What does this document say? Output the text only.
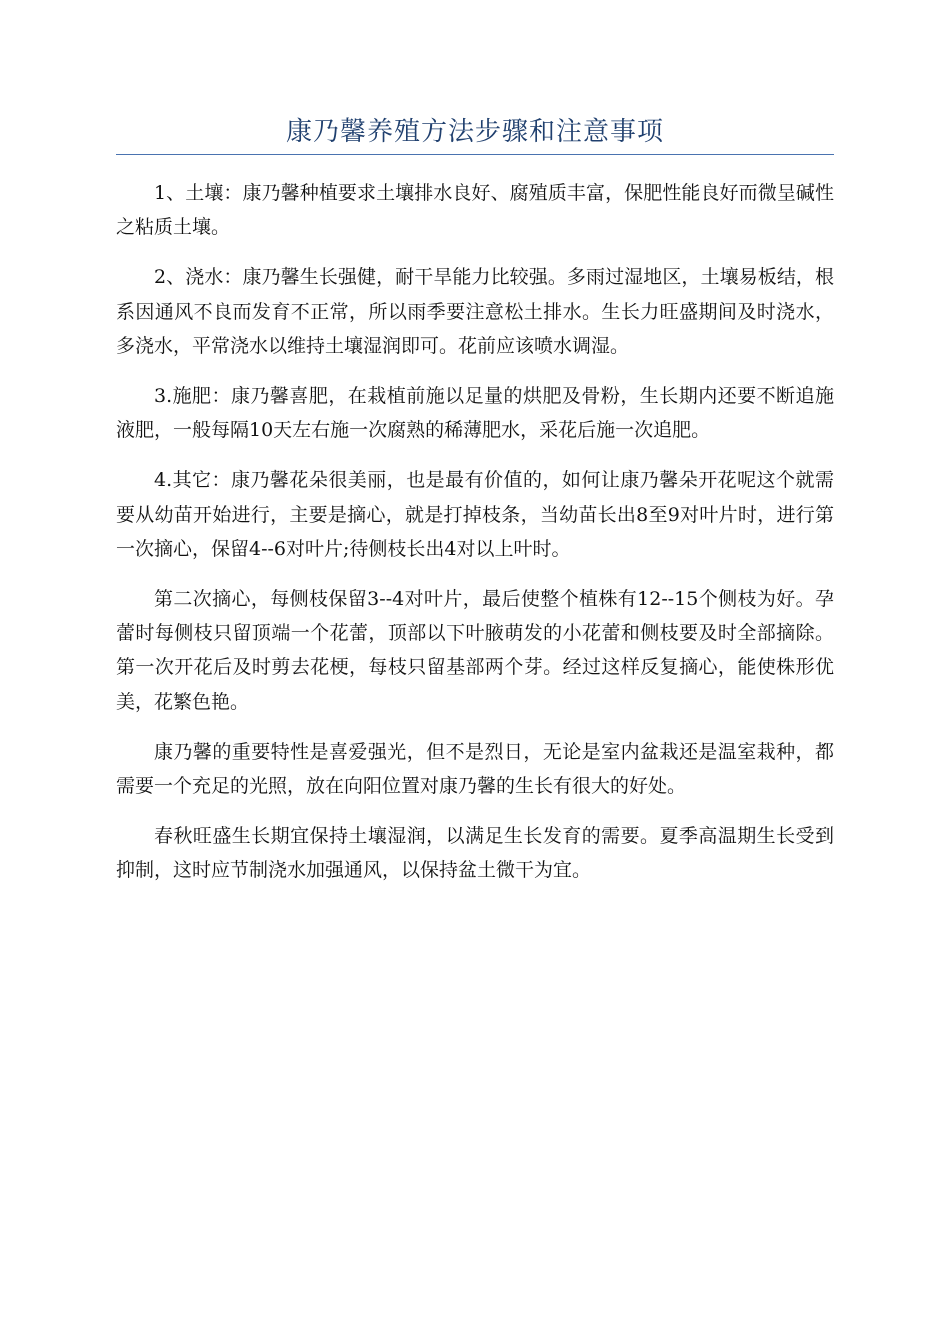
康乃馨养殖方法步骤和注意事项

1、土壤：康乃馨种植要求土壤排水良好、腐殖质丰富，保肥性能良好而微呈碱性之粘质土壤。

2、浇水：康乃馨生长强健，耐干旱能力比较强。多雨过湿地区，土壤易板结，根系因通风不良而发育不正常，所以雨季要注意松土排水。生长力旺盛期间及时浇水，多浇水，平常浇水以维持土壤湿润即可。花前应该喷水调湿。

3.施肥：康乃馨喜肥，在栽植前施以足量的烘肥及骨粉，生长期内还要不断追施液肥，一般每隔10天左右施一次腐熟的稀薄肥水，采花后施一次追肥。

4.其它：康乃馨花朵很美丽，也是最有价值的，如何让康乃馨朵开花呢这个就需要从幼苗开始进行，主要是摘心，就是打掉枝条，当幼苗长出8至9对叶片时，进行第一次摘心，保留4--6对叶片;待侧枝长出4对以上叶时。

第二次摘心，每侧枝保留3--4对叶片，最后使整个植株有12--15个侧枝为好。孕蕾时每侧枝只留顶端一个花蕾，顶部以下叶腋萌发的小花蕾和侧枝要及时全部摘除。第一次开花后及时剪去花梗，每枝只留基部两个芽。经过这样反复摘心，能使株形优美，花繁色艳。

康乃馨的重要特性是喜爱强光，但不是烈日，无论是室内盆栽还是温室栽种，都需要一个充足的光照，放在向阳位置对康乃馨的生长有很大的好处。

春秋旺盛生长期宜保持土壤湿润，以满足生长发育的需要。夏季高温期生长受到抑制，这时应节制浇水加强通风，以保持盆土微干为宜。
